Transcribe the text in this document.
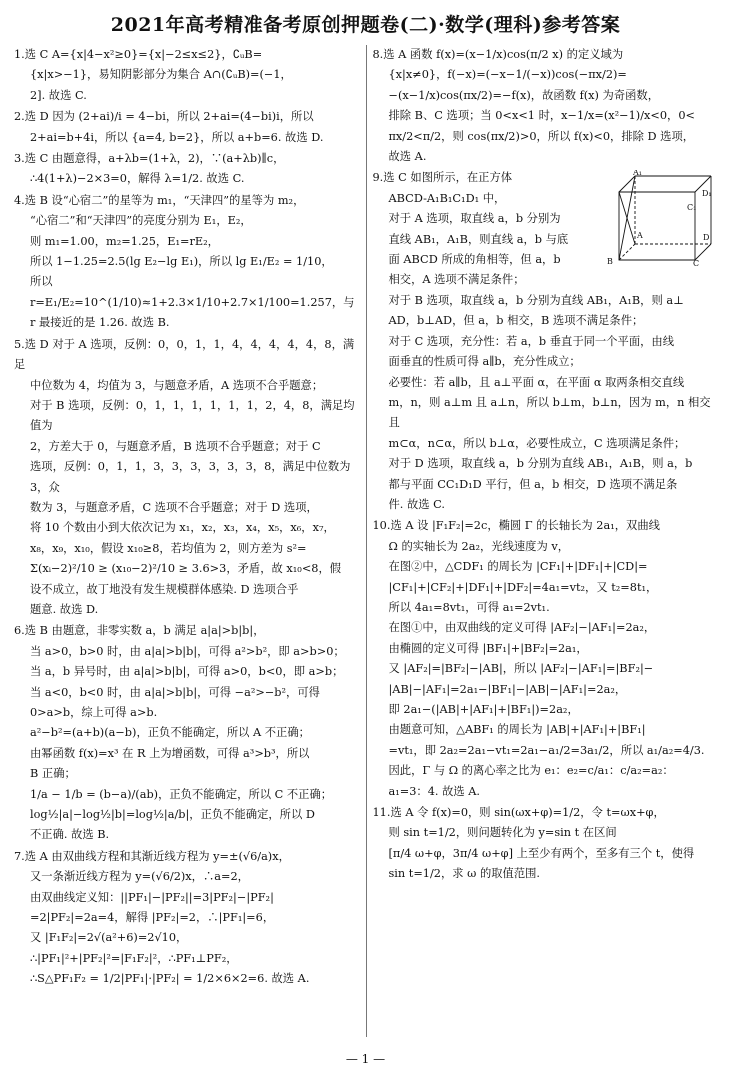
2021年高考精准备考原创押题卷(二)·数学(理科)参考答案

1.选 C A={x|4−x²≥0}={x|−2≤x≤2}，∁ᵤB=

{x|x>−1}，易知阴影部分为集合 A∩(∁ᵤB)=(−1，

2]. 故选 C.

2.选 D 因为 (2+ai)/i = 4−bi，所以 2+ai=(4−bi)i，所以

2+ai=b+4i，所以 {a=4, b=2}，所以 a+b=6. 故选 D.

3.选 C 由题意得，a+λb=(1+λ，2)，∵(a+λb)∥c，

∴4(1+λ)−2×3=0，解得 λ=1/2. 故选 C.

4.选 B 设“心宿二”的星等为 m₁，“天津四”的星等为 m₂，

“心宿二”和“天津四”的亮度分别为 E₁，E₂，

则 m₁=1.00，m₂=1.25，E₁=rE₂，

所以 1−1.25=2.5(lg E₂−lg E₁)，所以 lg E₁/E₂ = 1/10，

所以 r=E₁/E₂=10^(1/10)≈1+2.3×1/10+2.7×1/100=1.257，与

r 最接近的是 1.26. 故选 B.

5.选 D 对于 A 选项，反例：0，0，1，1，4，4，4，4，4，8，满足

中位数为 4，均值为 3，与题意矛盾，A 选项不合乎题意；

对于 B 选项，反例：0，1，1，1，1，1，1，2，4，8，满足均值为

2，方差大于 0，与题意矛盾，B 选项不合乎题意；对于 C

选项，反例：0，1，1，3，3，3，3，3，3，8，满足中位数为 3，众

数为 3，与题意矛盾，C 选项不合乎题意；对于 D 选项，

将 10 个数由小到大依次记为 x₁，x₂，x₃，x₄，x₅，x₆，x₇，

x₈，x₉，x₁₀，假设 x₁₀≥8，若均值为 2，则方差为 s²=

Σ(xᵢ−2)²/10 ≥ (x₁₀−2)²/10 ≥ 3.6>3，矛盾，故 x₁₀<8，假

设不成立，故丁地没有发生规模群体感染. D 选项合乎

题意. 故选 D.

6.选 B 由题意，非零实数 a，b 满足 a|a|>b|b|，

当 a>0，b>0 时，由 a|a|>b|b|，可得 a²>b²，即 a>b>0；

当 a，b 异号时，由 a|a|>b|b|，可得 a>0，b<0，即 a>b；

当 a<0，b<0 时，由 a|a|>b|b|，可得 −a²>−b²，可得

0>a>b，综上可得 a>b.

a²−b²=(a+b)(a−b)，正负不能确定，所以 A 不正确；

由幂函数 f(x)=x³ 在 R 上为增函数，可得 a³>b³，所以

B 正确；

1/a − 1/b = (b−a)/(ab)，正负不能确定，所以 C 不正确；

log½|a|−log½|b|=log½|a/b|，正负不能确定，所以 D

不正确. 故选 B.

7.选 A 由双曲线方程和其渐近线方程为 y=±(√6/a)x，

又一条渐近线方程为 y=(√6/2)x，∴a=2，

由双曲线定义知：||PF₁|−|PF₂||=3|PF₂|−|PF₂|

=2|PF₂|=2a=4，解得 |PF₂|=2，∴|PF₁|=6，

又 |F₁F₂|=2√(a²+6)=2√10，

∴|PF₁|²+|PF₂|²=|F₁F₂|²，∴PF₁⊥PF₂，

∴S△PF₁F₂ = 1/2|PF₁|·|PF₂| = 1/2×6×2=6. 故选 A.

8.选 A 函数 f(x)=(x−1/x)cos(π/2 x) 的定义域为

{x|x≠0}，f(−x)=(−x−1/(−x))cos(−πx/2)=

−(x−1/x)cos(πx/2)=−f(x)，故函数 f(x) 为奇函数，

排除 B、C 选项；当 0<x<1 时，x−1/x=(x²−1)/x<0，0<

πx/2<π/2，则 cos(πx/2)>0，所以 f(x)<0，排除 D 选项，

故选 A.

A₁
D₁
C₁
B	C
A	D

9.选 C 如图所示，在正方体

ABCD-A₁B₁C₁D₁ 中，

对于 A 选项，取直线 a，b 分别为

直线 AB₁，A₁B，则直线 a，b 与底

面 ABCD 所成的角相等，但 a，b

相交，A 选项不满足条件；

对于 B 选项，取直线 a，b 分别为直线 AB₁，A₁B，则 a⊥

AD，b⊥AD，但 a，b 相交，B 选项不满足条件；

对于 C 选项，充分性：若 a，b 垂直于同一个平面，由线

面垂直的性质可得 a∥b，充分性成立；

必要性：若 a∥b，且 a⊥平面 α，在平面 α 取两条相交直线

m，n，则 a⊥m 且 a⊥n，所以 b⊥m，b⊥n，因为 m，n 相交且

m⊂α，n⊂α，所以 b⊥α，必要性成立，C 选项满足条件；

对于 D 选项，取直线 a，b 分别为直线 AB₁，A₁B，则 a，b

都与平面 CC₁D₁D 平行，但 a，b 相交，D 选项不满足条

件. 故选 C.

10.选 A 设 |F₁F₂|=2c，椭圆 Γ 的长轴长为 2a₁，双曲线

Ω 的实轴长为 2a₂，光线速度为 v，

在图②中，△CDF₁ 的周长为 |CF₁|+|DF₁|+|CD|=

|CF₁|+|CF₂|+|DF₁|+|DF₂|=4a₁=vt₂，又 t₂=8t₁，

所以 4a₁=8vt₁，可得 a₁=2vt₁.

在图①中，由双曲线的定义可得 |AF₂|−|AF₁|=2a₂，

由椭圆的定义可得 |BF₁|+|BF₂|=2a₁，

又 |AF₂|=|BF₂|−|AB|，所以 |AF₂|−|AF₁|=|BF₂|−

|AB|−|AF₁|=2a₁−|BF₁|−|AB|−|AF₁|=2a₂，

即 2a₁−(|AB|+|AF₁|+|BF₁|)=2a₂，

由题意可知，△ABF₁ 的周长为 |AB|+|AF₁|+|BF₁|

=vt₁，即 2a₂=2a₁−vt₁=2a₁−a₁/2=3a₁/2，所以 a₁/a₂=4/3.

因此，Γ 与 Ω 的离心率之比为 e₁：e₂=c/a₁：c/a₂=a₂：

a₁=3：4. 故选 A.

11.选 A 令 f(x)=0，则 sin(ωx+φ)=1/2，令 t=ωx+φ，

则 sin t=1/2，则问题转化为 y=sin t 在区间

[π/4 ω+φ，3π/4 ω+φ] 上至少有两个，至多有三个 t，使得

sin t=1/2，求 ω 的取值范围.

— 1 —
